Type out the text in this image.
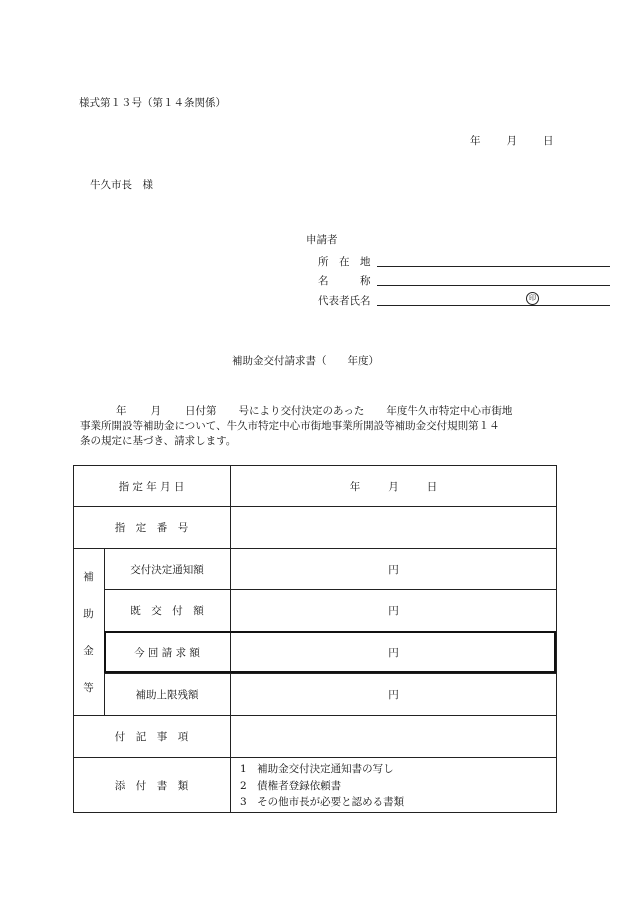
様式第１３号（第１４条関係）
年 月 日
牛久市長　様
申請者
所　在　地
名　　　称
代表者氏名	印
補助金交付請求書（　　年度）
年 月 日付第 号により交付決定のあった 年度牛久市特定中心市街地
事業所開設等補助金について、牛久市特定中心市街地事業所開設等補助金交付規則第１４
条の規定に基づき、請求します。
指 定 年 月 日	年	月	日
指　定　番　号
補
助
金
等
交付決定通知額	円
既　交　付　額	円
今 回 請 求 額	円
補助上限残額	円
付　記　事　項
添　付　書　類
1　補助金交付決定通知書の写し
2　債権者登録依頼書
3　その他市長が必要と認める書類
